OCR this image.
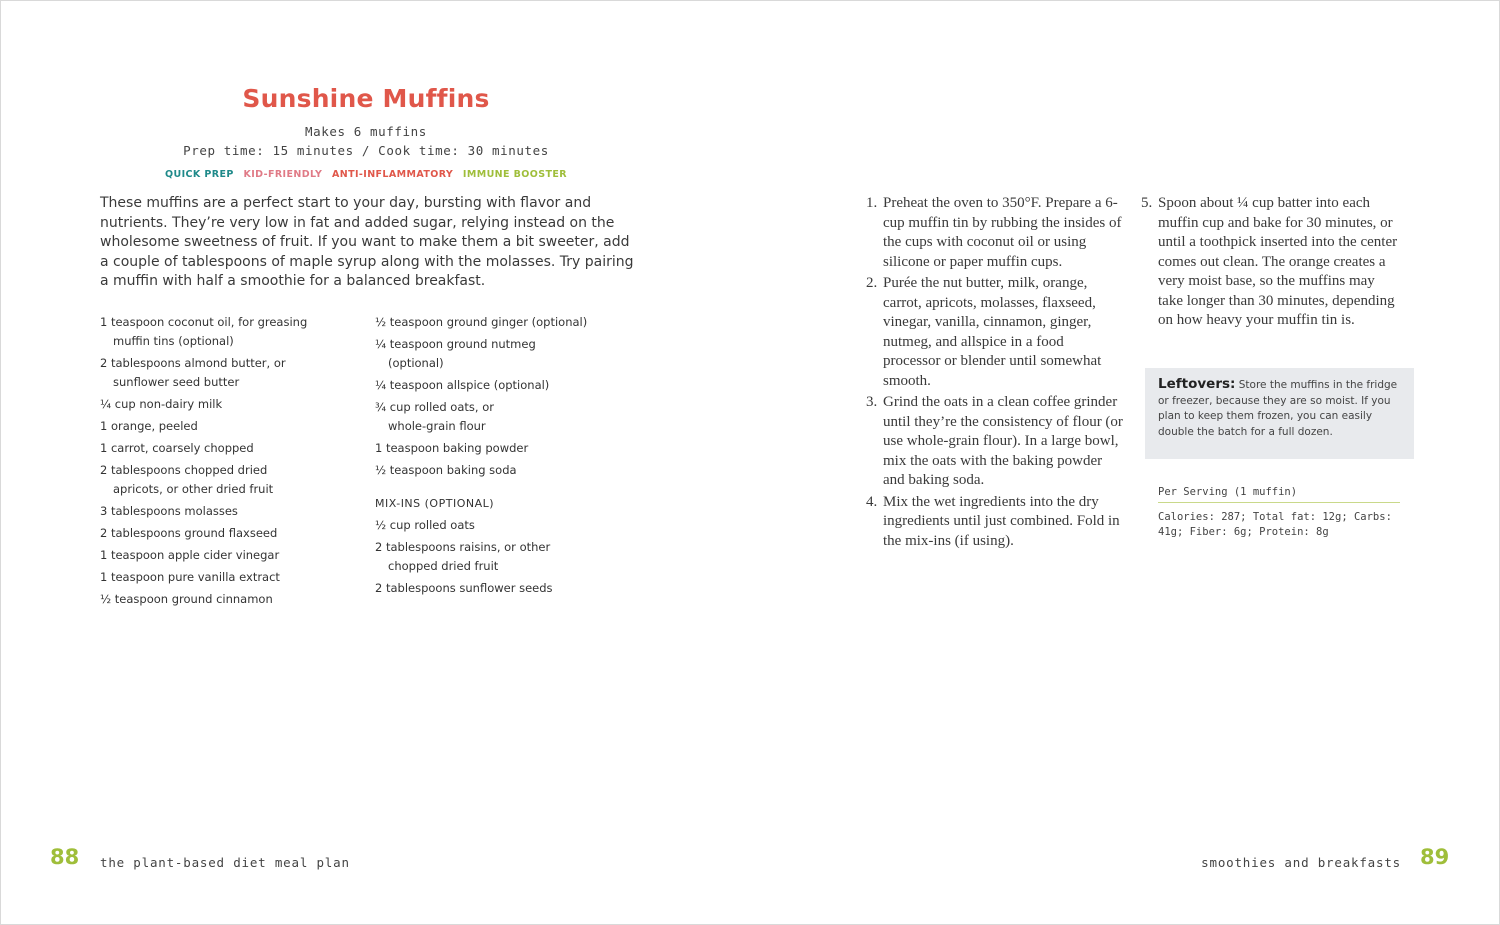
Sunshine Muffins
Makes 6 muffins
Prep time: 15 minutes / Cook time: 30 minutes
QUICK PREP KID-FRIENDLY ANTI-INFLAMMATORY IMMUNE BOOSTER

These muffins are a perfect start to your day, bursting with flavor and nutrients. They’re very low in fat and added sugar, relying instead on the wholesome sweetness of fruit. If you want to make them a bit sweeter, add a couple of tablespoons of maple syrup along with the molasses. Try pairing a muffin with half a smoothie for a balanced breakfast.

1 teaspoon coconut oil, for greasing
muffin tins (optional)
2 tablespoons almond butter, or
sunflower seed butter
¼ cup non-dairy milk
1 orange, peeled
1 carrot, coarsely chopped
2 tablespoons chopped dried
apricots, or other dried fruit
3 tablespoons molasses
2 tablespoons ground flaxseed
1 teaspoon apple cider vinegar
1 teaspoon pure vanilla extract
½ teaspoon ground cinnamon
½ teaspoon ground ginger (optional)
¼ teaspoon ground nutmeg
(optional)
¼ teaspoon allspice (optional)
¾ cup rolled oats, or
whole-grain flour
1 teaspoon baking powder
½ teaspoon baking soda
MIX-INS (OPTIONAL)
½ cup rolled oats
2 tablespoons raisins, or other
chopped dried fruit
2 tablespoons sunflower seeds
1. Preheat the oven to 350°F. Prepare a 6-cup muffin tin by rubbing the insides of the cups with coconut oil or using silicone or paper muffin cups.
2. Purée the nut butter, milk, orange, carrot, apricots, molasses, flaxseed, vinegar, vanilla, cinnamon, ginger, nutmeg, and allspice in a food processor or blender until somewhat smooth.
3. Grind the oats in a clean coffee grinder until they’re the consistency of flour (or use whole-grain flour). In a large bowl, mix the oats with the baking powder and baking soda.
4. Mix the wet ingredients into the dry ingredients until just combined. Fold in the mix-ins (if using).
5. Spoon about ¼ cup batter into each muffin cup and bake for 30 minutes, or until a toothpick inserted into the center comes out clean. The orange creates a very moist base, so the muffins may take longer than 30 minutes, depending on how heavy your muffin tin is.
Leftovers: Store the muffins in the fridge or freezer, because they are so moist. If you plan to keep them frozen, you can easily double the batch for a full dozen.
Per Serving (1 muffin)
Calories: 287; Total fat: 12g; Carbs: 41g; Fiber: 6g; Protein: 8g
88 the plant-based diet meal plan	smoothies and breakfasts 89
